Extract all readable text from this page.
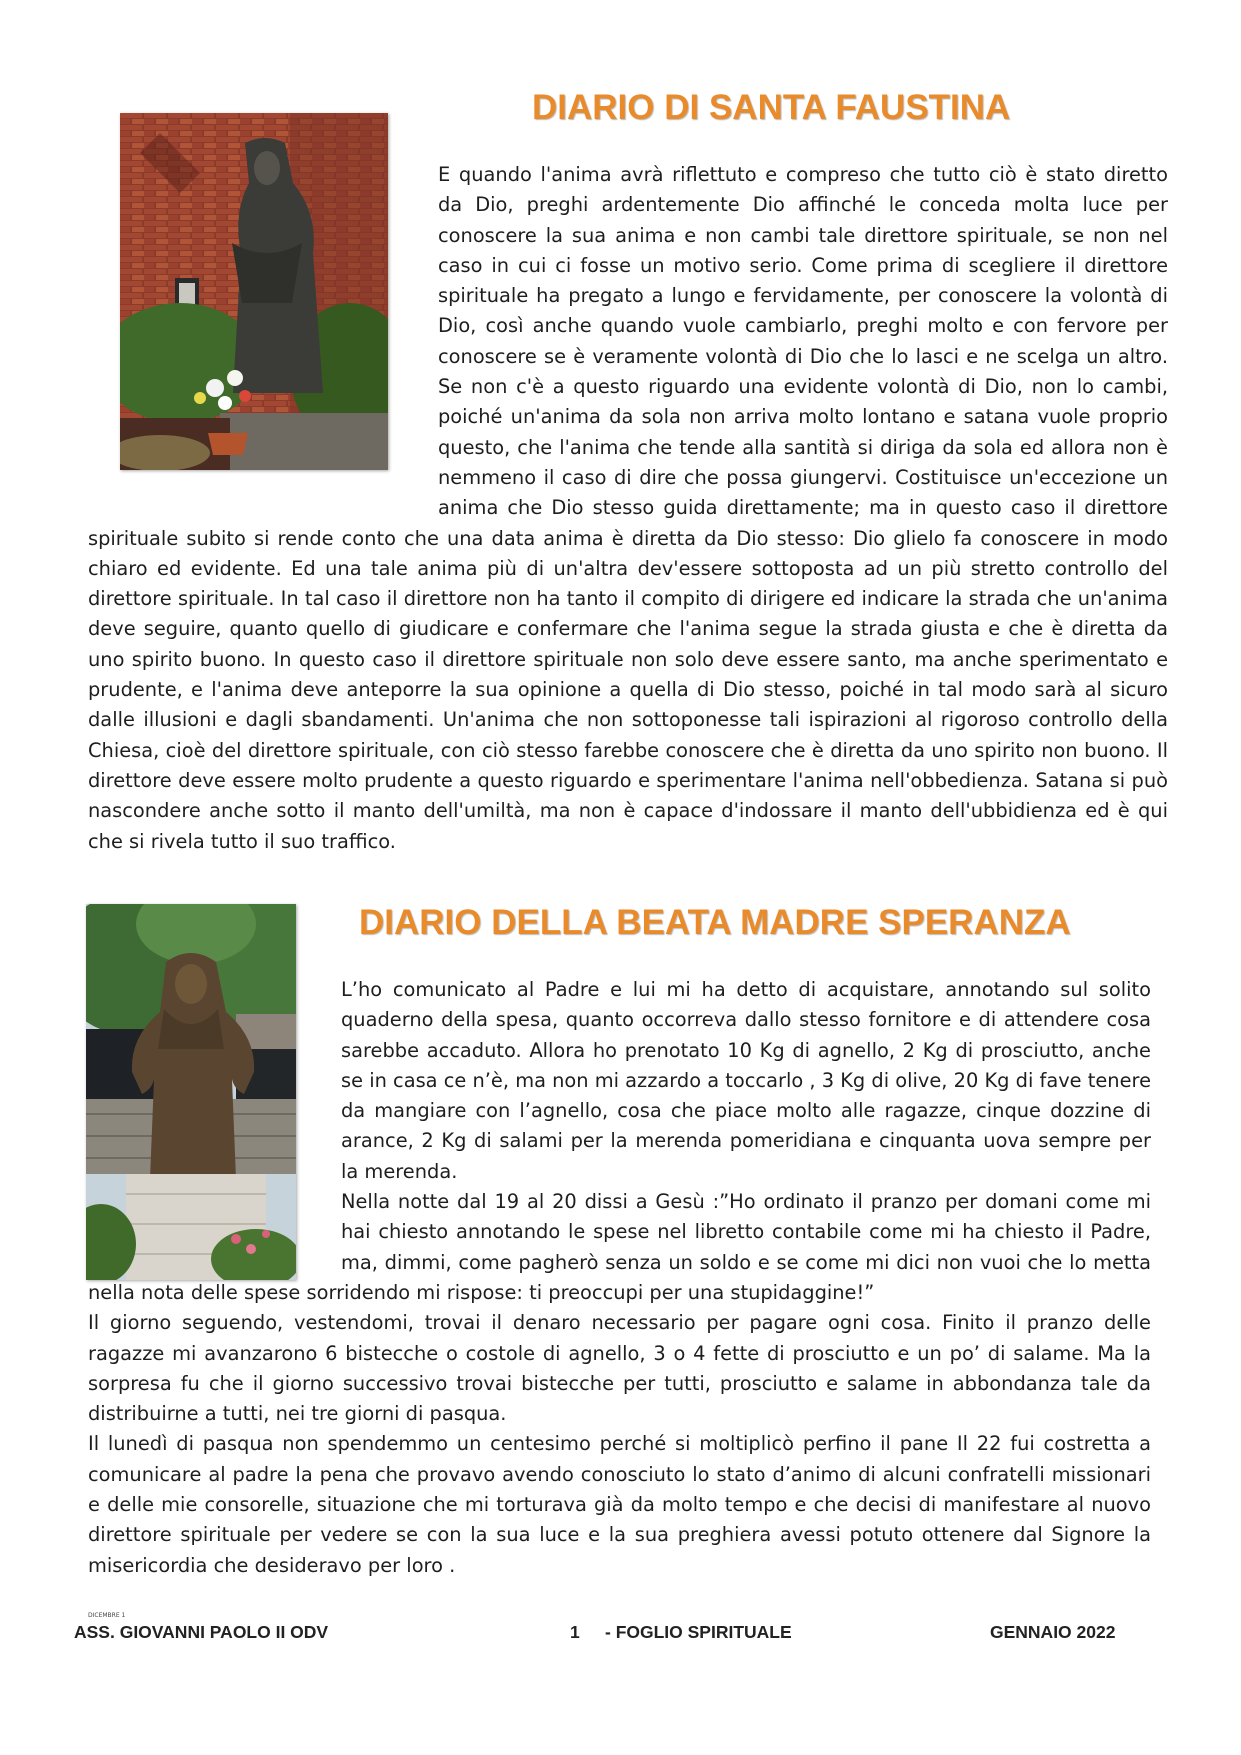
DIARIO DI SANTA FAUSTINA

E quando l'anima avrà riflettuto e compreso che tutto ciò è stato diretto da Dio, preghi ardentemente Dio affinché le conceda molta luce per conoscere la sua anima e non cambi tale direttore spirituale, se non nel caso in cui ci fosse un motivo serio. Come prima di scegliere il direttore spirituale ha pregato a lungo e fervidamente, per conoscere la volontà di Dio, così anche quando vuole cambiarlo, preghi molto e con fervore per conoscere se è veramente volontà di Dio che lo lasci e ne scelga un altro. Se non c'è a questo riguardo una evidente volontà di Dio, non lo cambi, poiché un'anima da sola non arriva molto lontano e satana vuole proprio questo, che l'anima che tende alla santità si diriga da sola ed allora non è nemmeno il caso di dire che possa giungervi. Costituisce un'eccezione un anima che Dio stesso guida direttamente; ma in questo caso il direttore spirituale subito si rende conto che una data anima è diretta da Dio stesso: Dio glielo fa conoscere in modo chiaro ed evidente. Ed una tale anima più di un'altra dev'essere sottoposta ad un più stretto controllo del direttore spirituale. In tal caso il direttore non ha tanto il compito di dirigere ed indicare la strada che un'anima deve seguire, quanto quello di giudicare e confermare che l'anima segue la strada giusta e che è diretta da uno spirito buono. In questo caso il direttore spirituale non solo deve essere santo, ma anche sperimentato e prudente, e l'anima deve anteporre la sua opinione a quella di Dio stesso, poiché in tal modo sarà al sicuro dalle illusioni e dagli sbandamenti. Un'anima che non sottoponesse tali ispirazioni al rigoroso controllo della Chiesa, cioè del direttore spirituale, con ciò stesso farebbe conoscere che è diretta da uno spirito non buono. Il direttore deve essere molto prudente a questo riguardo e sperimentare l'anima nell'obbedienza. Satana si può nascondere anche sotto il manto dell'umiltà, ma non è capace d'indossare il manto dell'ubbidienza ed è qui che si rivela tutto il suo traffico.

DIARIO DELLA BEATA MADRE SPERANZA

L’ho comunicato al Padre e lui mi ha detto di acquistare, annotando sul solito quaderno della spesa, quanto occorreva dallo stesso fornitore e di attendere cosa sarebbe accaduto. Allora ho prenotato 10 Kg di agnello, 2 Kg di prosciutto, anche se in casa ce n’è, ma non mi azzardo a toccarlo , 3 Kg di olive, 20 Kg di fave tenere da mangiare con l’agnello, cosa che piace molto alle ragazze, cinque dozzine di arance, 2 Kg di salami per la merenda pomeridiana e cinquanta uova sempre per la merenda.

Nella notte dal 19 al 20 dissi a Gesù :”Ho ordinato il pranzo per domani come mi hai chiesto annotando le spese nel libretto contabile come mi ha chiesto il Padre, ma, dimmi, come pagherò senza un soldo e se come mi dici non vuoi che lo metta nella nota delle spese sorridendo mi rispose: ti preoccupi per una stupidaggine!”

Il giorno seguendo, vestendomi, trovai il denaro necessario per pagare ogni cosa. Finito il pranzo delle ragazze mi avanzarono 6 bistecche o costole di agnello, 3 o 4 fette di prosciutto e un po’ di salame. Ma la sorpresa fu che il giorno successivo trovai bistecche per tutti, prosciutto e salame in abbondanza tale da distribuirne a tutti, nei tre giorni di pasqua.

Il lunedì di pasqua non spendemmo un centesimo perché si moltiplicò perfino il pane Il 22 fui costretta a comunicare al padre la pena che provavo avendo conosciuto lo stato d’animo di alcuni confratelli missionari e delle mie consorelle, situazione che mi torturava già da molto tempo e che decisi di manifestare al nuovo direttore spirituale per vedere se con la sua luce e la sua preghiera avessi potuto ottenere dal Signore la misericordia che desideravo per loro .

DICEMBRE 1

ASS. GIOVANNI PAOLO II ODV	1 - FOGLIO SPIRITUALE	GENNAIO 2022
